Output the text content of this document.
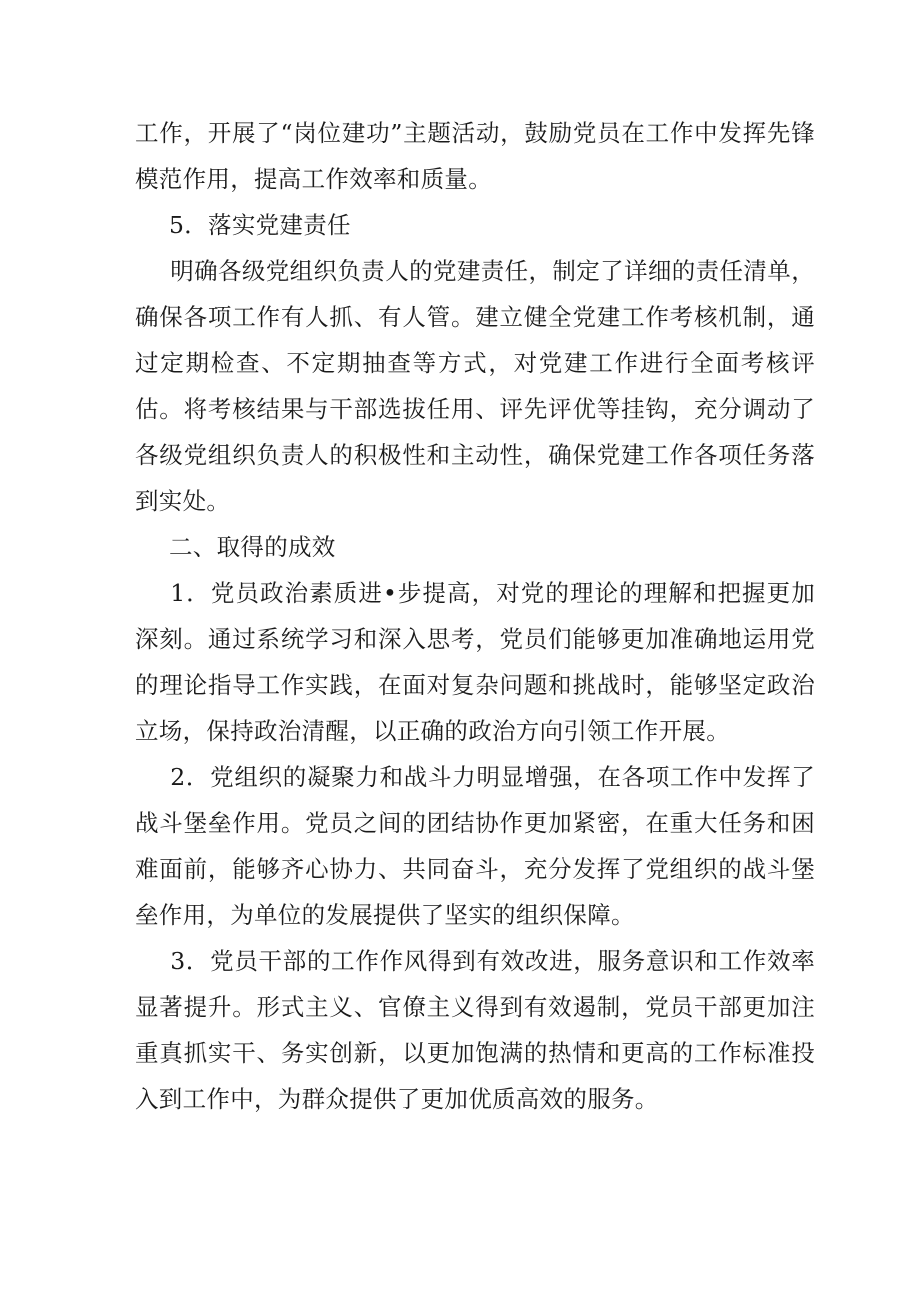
工作，开展了“岗位建功”主题活动，鼓励党员在工作中发挥先锋模范作用，提高工作效率和质量。

5．落实党建责任

明确各级党组织负责人的党建责任，制定了详细的责任清单，确保各项工作有人抓、有人管。建立健全党建工作考核机制，通过定期检查、不定期抽查等方式，对党建工作进行全面考核评估。将考核结果与干部选拔任用、评先评优等挂钩，充分调动了各级党组织负责人的积极性和主动性，确保党建工作各项任务落到实处。

二、取得的成效

1．党员政治素质进•步提高，对党的理论的理解和把握更加深刻。通过系统学习和深入思考，党员们能够更加准确地运用党的理论指导工作实践，在面对复杂问题和挑战时，能够坚定政治立场，保持政治清醒，以正确的政治方向引领工作开展。

2．党组织的凝聚力和战斗力明显增强，在各项工作中发挥了战斗堡垒作用。党员之间的团结协作更加紧密，在重大任务和困难面前，能够齐心协力、共同奋斗，充分发挥了党组织的战斗堡垒作用，为单位的发展提供了坚实的组织保障。

3．党员干部的工作作风得到有效改进，服务意识和工作效率显著提升。形式主义、官僚主义得到有效遏制，党员干部更加注重真抓实干、务实创新，以更加饱满的热情和更高的工作标准投入到工作中，为群众提供了更加优质高效的服务。
